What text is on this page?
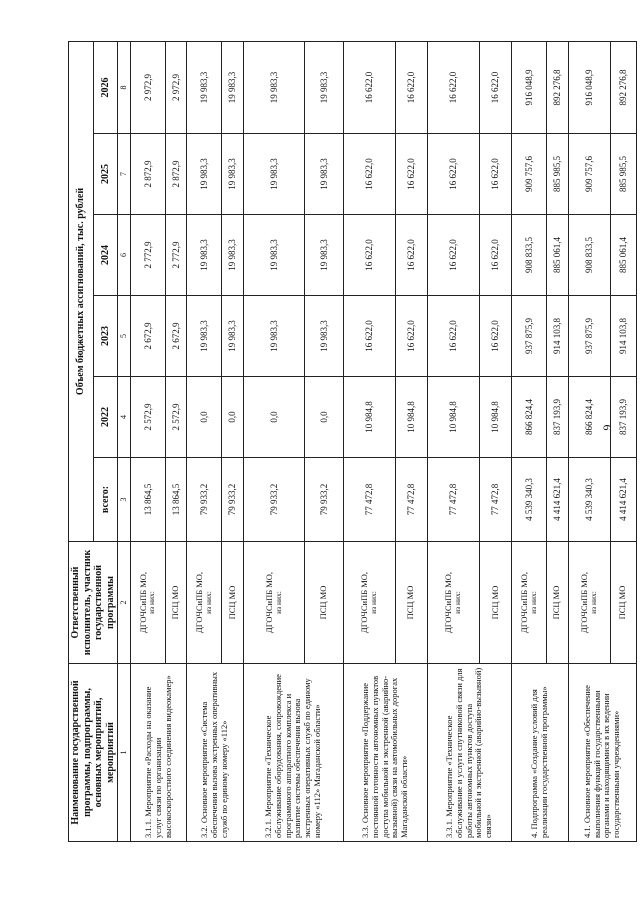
6
Наименование государственной программы, подпрограммы, основных мероприятий, мероприятий	Ответственный исполнитель, участник государственной программы	Объем бюджетных ассигнований, тыс. рублей					
		всего:	2022	2023	2024	2025	2026
1	2	3	4	5	6	7	8
3.1.1. Мероприятие «Расходы на оказание услуг связи по организации высокоскоростного соединения видеокамер»	ДГОЧСиПБ МО, из них:	13 864,5	2 572,9	2 672,9	2 772,9	2 872,9	2 972,9
	ПСЦ МО	13 864,5	2 572,9	2 672,9	2 772,9	2 872,9	2 972,9
3.2. Основное мероприятие «Система обеспечения вызова экстренных оперативных служб по единому номеру «112»	ДГОЧСиПБ МО, из них:	79 933,2	0,0	19 983,3	19 983,3	19 983,3	19 983,3
	ПСЦ МО	79 933,2	0,0	19 983,3	19 983,3	19 983,3	19 983,3
3.2.1. Мероприятие «Техническое обслуживание оборудования, сопровождение программного аппаратного комплекса и развитие системы обеспечения вызова экстренных оперативных служб по единому номеру «112» Магаданской области»	ДГОЧСиПБ МО, из них:	79 933,2	0,0	19 983,3	19 983,3	19 983,3	19 983,3
	ПСЦ МО	79 933,2	0,0	19 983,3	19 983,3	19 983,3	19 983,3
3.3. Основное мероприятие «Поддержание постоянной готовности автономных пунктов доступа мобильной и экстренной (аварийно-вызывной) связи на автомобильных дорогах Магаданской области»	ДГОЧСиПБ МО, из них:	77 472,8	10 984,8	16 622,0	16 622,0	16 622,0	16 622,0
	ПСЦ МО	77 472,8	10 984,8	16 622,0	16 622,0	16 622,0	16 622,0
3.3.1. Мероприятие «Техническое обслуживание и услуги спутниковой связи для работы автономных пунктов доступа мобильной и экстренной (аварийно-вызывной) связи»	ДГОЧСиПБ МО, из них:	77 472,8	10 984,8	16 622,0	16 622,0	16 622,0	16 622,0
	ПСЦ МО	77 472,8	10 984,8	16 622,0	16 622,0	16 622,0	16 622,0
4. Подпрограмма «Создание условий для реализации государственной программы»	ДГОЧСиПБ МО, из них:	4 539 340,3	866 824,4	937 875,9	908 833,5	909 757,6	916 048,9
	ПСЦ МО	4 414 621,4	837 193,9	914 103,8	885 061,4	885 985,5	892 276,8
4.1. Основное мероприятие «Обеспечение выполнения функций государственными органами и находящимися в их ведении государственными учреждениями»	ДГОЧСиПБ МО, из них:	4 539 340,3	866 824,4	937 875,9	908 833,5	909 757,6	916 048,9
	ПСЦ МО	4 414 621,4	837 193,9	914 103,8	885 061,4	885 985,5	892 276,8
